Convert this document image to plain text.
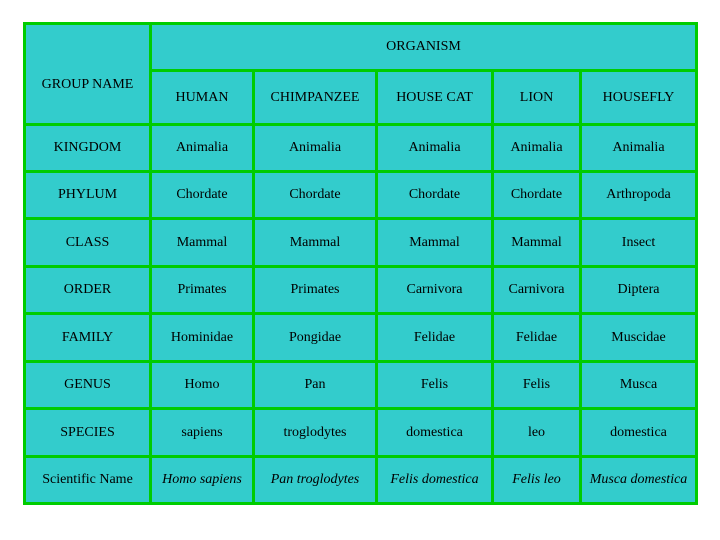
GROUP NAME	ORGANISM				

	HUMAN	CHIMPANZEE	HOUSE CAT	LION	HOUSEFLY
KINGDOM	Animalia	Animalia	Animalia	Animalia	Animalia
PHYLUM	Chordate	Chordate	Chordate	Chordate	Arthropoda
CLASS	Mammal	Mammal	Mammal	Mammal	Insect
ORDER	Primates	Primates	Carnivora	Carnivora	Diptera
FAMILY	Hominidae	Pongidae	Felidae	Felidae	Muscidae
GENUS	Homo	Pan	Felis	Felis	Musca
SPECIES	sapiens	troglodytes	domestica	leo	domestica
Scientific Name	Homo sapiens	Pan troglodytes	Felis domestica	Felis leo	Musca domestica
